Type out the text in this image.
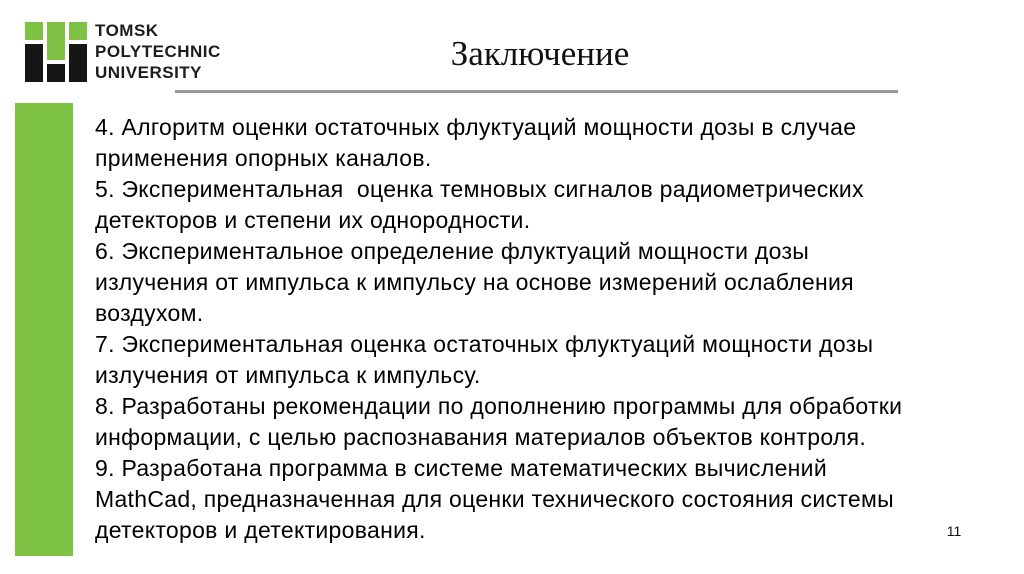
TOMSK
POLYTECHNIC
UNIVERSITY	Заключение
4. Алгоритм оценки остаточных флуктуаций мощности дозы в случае
применения опорных каналов.
5. Экспериментальная  оценка темновых сигналов радиометрических
детекторов и степени их однородности.
6. Экспериментальное определение флуктуаций мощности дозы
излучения от импульса к импульсу на основе измерений ослабления
воздухом.
7. Экспериментальная оценка остаточных флуктуаций мощности дозы
излучения от импульса к импульсу.
8. Разработаны рекомендации по дополнению программы для обработки
информации, с целью распознавания материалов объектов контроля.
9. Разработана программа в системе математических вычислений
MathCad, предназначенная для оценки технического состояния системы
детекторов и детектирования.	11
